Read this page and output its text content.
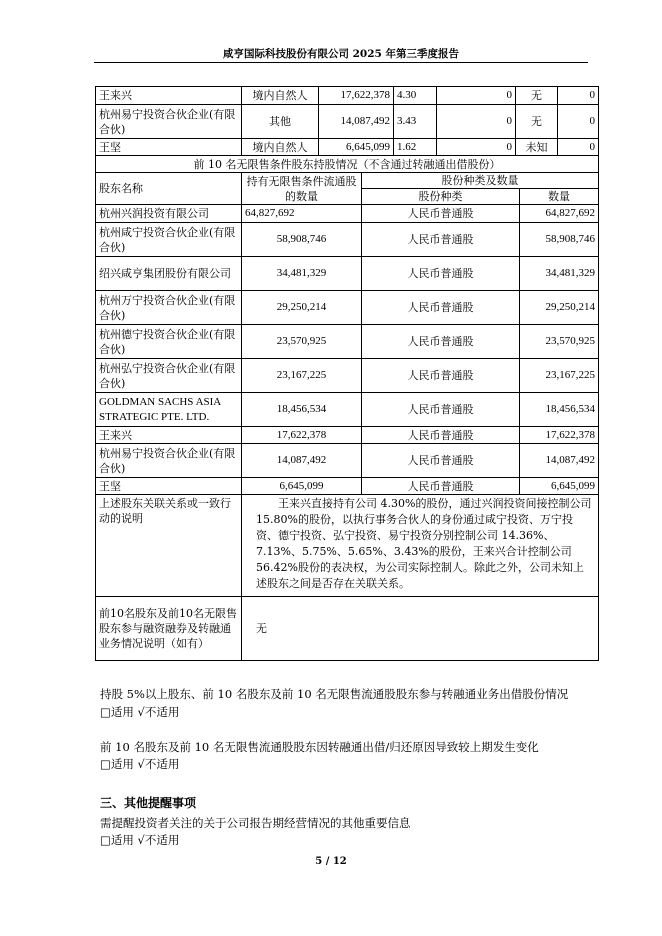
咸亨国际科技股份有限公司 2025 年第三季度报告
王来兴	境内自然人	17,622,378	4.30	0	无	0
杭州易宁投资合伙企业(有限合伙)	其他	14,087,492	3.43	0	无	0
王坚	境内自然人	6,645,099	1.62	0	未知	0
前 10 名无限售条件股东持股情况（不含通过转融通出借股份）			
股东名称	持有无限售条件流通股的数量	股份种类及数量	
		股份种类	数量
杭州兴润投资有限公司	64,827,692	人民币普通股	64,827,692
杭州咸宁投资合伙企业(有限合伙)	58,908,746	人民币普通股	58,908,746
绍兴咸亨集团股份有限公司	34,481,329	人民币普通股	34,481,329
杭州万宁投资合伙企业(有限合伙)	29,250,214	人民币普通股	29,250,214
杭州德宁投资合伙企业(有限合伙)	23,570,925	人民币普通股	23,570,925
杭州弘宁投资合伙企业(有限合伙)	23,167,225	人民币普通股	23,167,225
GOLDMAN SACHS ASIA STRATEGIC PTE. LTD.	18,456,534	人民币普通股	18,456,534
王来兴	17,622,378	人民币普通股	17,622,378
杭州易宁投资合伙企业(有限合伙)	14,087,492	人民币普通股	14,087,492
王坚	6,645,099	人民币普通股	6,645,099
上述股东关联关系或一致行动的说明	王来兴直接持有公司 4.30%的股份，通过兴润投资间接控制公司 15.80%的股份，以执行事务合伙人的身份通过咸宁投资、万宁投资、德宁投资、弘宁投资、易宁投资分别控制公司 14.36%、7.13%、5.75%、5.65%、3.43%的股份，王来兴合计控制公司 56.42%股份的表决权，为公司实际控制人。除此之外，公司未知上述股东之间是否存在关联关系。		
前10名股东及前10名无限售股东参与融资融券及转融通业务情况说明（如有）	无		
持股 5%以上股东、前 10 名股东及前 10 名无限售流通股股东参与转融通业务出借股份情况
□适用 √不适用
前 10 名股东及前 10 名无限售流通股股东因转融通出借/归还原因导致较上期发生变化
□适用 √不适用
三、其他提醒事项
需提醒投资者关注的关于公司报告期经营情况的其他重要信息
□适用 √不适用
5 / 12
